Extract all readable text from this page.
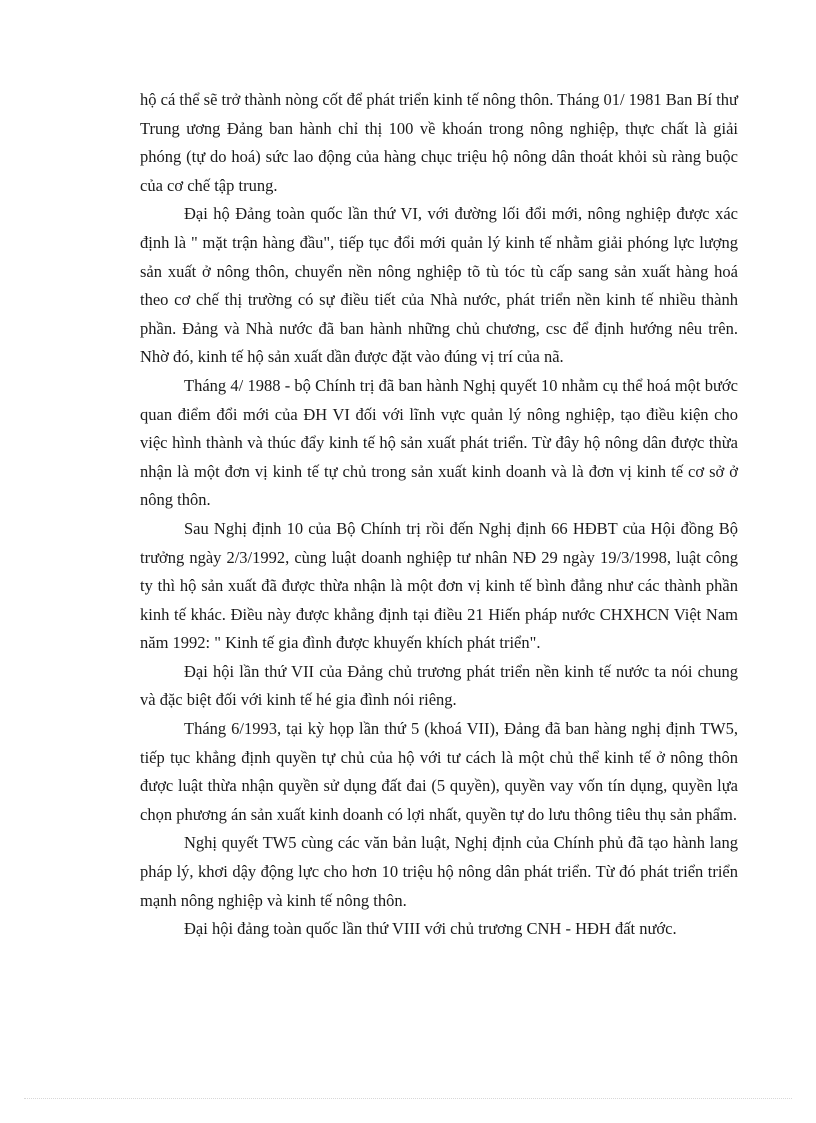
hộ cá thể sẽ trở thành nòng cốt để phát triển kinh tế nông thôn. Tháng 01/ 1981 Ban Bí thư Trung ương Đảng ban hành chỉ thị 100 về khoán trong nông nghiệp, thực chất là giải phóng (tự do hoá) sức lao động của hàng chục triệu hộ nông dân thoát khỏi sù ràng buộc của cơ chế tập trung.

Đại hộ Đảng toàn quốc lần thứ VI, với đường lối đổi mới, nông nghiệp được xác định là " mặt trận hàng đầu", tiếp tục đổi mới quản lý kinh tế nhằm giải phóng lực lượng sản xuất ở nông thôn, chuyển nền nông nghiệp tõ tù tóc tù cấp sang sản xuất hàng hoá theo cơ chế thị trường có sự điều tiết của Nhà nước, phát triển nền kinh tế nhiều thành phần. Đảng và Nhà nước đã ban hành những chủ chương, csc để định hướng nêu trên. Nhờ đó, kinh tế hộ sản xuất dần được đặt vào đúng vị trí của nã.

Tháng 4/ 1988 - bộ Chính trị đã ban hành Nghị quyết 10 nhằm cụ thể hoá một bước quan điểm đổi mới của ĐH VI đối với lĩnh vực quản lý nông nghiệp, tạo điều kiện cho việc hình thành và thúc đẩy kinh tế hộ sản xuất phát triển. Từ đây hộ nông dân được thừa nhận là một đơn vị kinh tế tự chủ trong sản xuất kinh doanh và là đơn vị kinh tế cơ sở ở nông thôn.

Sau Nghị định 10 của Bộ Chính trị rồi đến Nghị định 66 HĐBT của Hội đồng Bộ trưởng ngày 2/3/1992, cùng luật doanh nghiệp tư nhân NĐ 29 ngày 19/3/1998, luật công ty thì hộ sản xuất đã được thừa nhận là một đơn vị kinh tế bình đẳng như các thành phần kinh tế khác. Điều này được khẳng định tại điều 21 Hiến pháp nước CHXHCN Việt Nam năm 1992: " Kinh tế gia đình được khuyến khích phát triển".

Đại hội lần thứ VII của Đảng chủ trương phát triển nền kinh tế nước ta nói chung và đặc biệt đối với kinh tế hé gia đình nói riêng.

Tháng 6/1993, tại kỳ họp lần thứ 5 (khoá VII), Đảng đã ban hàng nghị định TW5, tiếp tục khẳng định quyền tự chủ của hộ với tư cách là một chủ thể kinh tế ở nông thôn được luật thừa nhận quyền sử dụng đất đai (5 quyền), quyền vay vốn tín dụng, quyền lựa chọn phương án sản xuất kinh doanh có lợi nhất, quyền tự do lưu thông tiêu thụ sản phẩm.

Nghị quyết TW5 cùng các văn bản luật, Nghị định của Chính phủ đã tạo hành lang pháp lý, khơi dậy động lực cho hơn 10 triệu hộ nông dân phát triển. Từ đó phát triển triển mạnh nông nghiệp và kinh tế nông thôn.

Đại hội đảng toàn quốc lần thứ VIII với chủ trương CNH - HĐH đất nước.
